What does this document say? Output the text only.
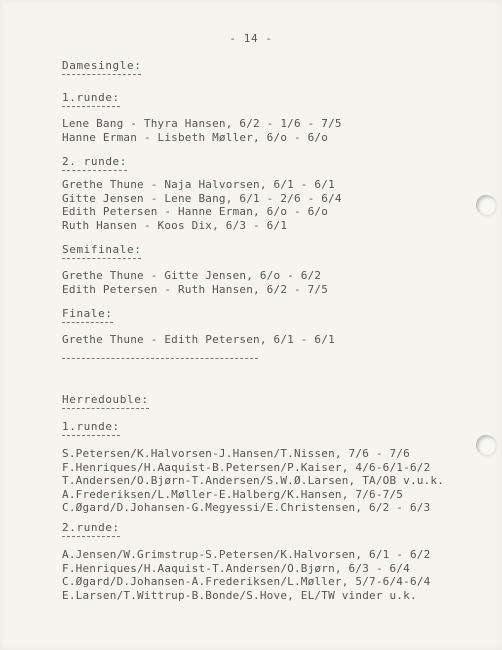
- 14 -
Damesingle:
1.runde:
Lene Bang - Thyra Hansen, 6/2 - 1/6 - 7/5
Hanne Erman - Lisbeth Møller, 6/o - 6/o
2. runde:
Grethe Thune - Naja Halvorsen, 6/1 - 6/1
Gitte Jensen - Lene Bang, 6/1 - 2/6 - 6/4
Edith Petersen - Hanne Erman, 6/o - 6/o
Ruth Hansen - Koos Dix, 6/3 - 6/1
Semifinale:
Grethe Thune - Gitte Jensen, 6/o - 6/2
Edith Petersen - Ruth Hansen, 6/2 - 7/5
Finale:
Grethe Thune - Edith Petersen, 6/1 - 6/1
Herredouble:
1.runde:
S.Petersen/K.Halvorsen-J.Hansen/T.Nissen, 7/6 - 7/6
F.Henriques/H.Aaquist-B.Petersen/P.Kaiser, 4/6-6/1-6/2
T.Andersen/O.Bjørn-T.Andersen/S.W.Ø.Larsen, TA/OB v.u.k.
A.Frederiksen/L.Møller-E.Halberg/K.Hansen, 7/6-7/5
C.Øgard/D.Johansen-G.Megyessi/E.Christensen, 6/2 - 6/3
2.runde:
A.Jensen/W.Grimstrup-S.Petersen/K.Halvorsen, 6/1 - 6/2
F.Henriques/H.Aaquist-T.Andersen/O.Bjørn, 6/3 - 6/4
C.Øgard/D.Johansen-A.Frederiksen/L.Møller, 5/7-6/4-6/4
E.Larsen/T.Wittrup-B.Bonde/S.Hove, EL/TW vinder u.k.
